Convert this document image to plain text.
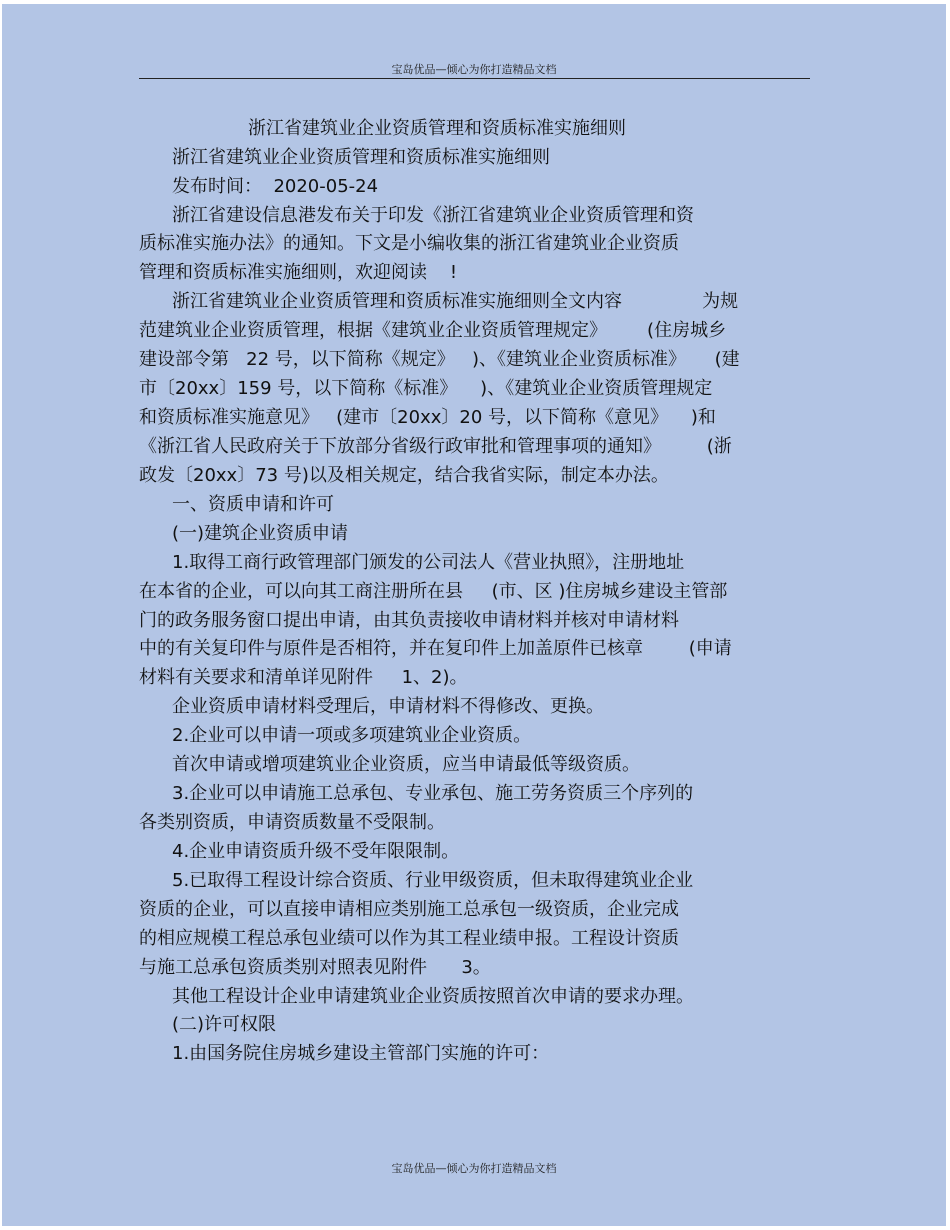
宝岛优品—倾心为你打造精品文档
浙江省建筑业企业资质管理和资质标准实施细则
浙江省建筑业企业资质管理和资质标准实施细则
发布时间：  2020-05-24
浙江省建设信息港发布关于印发《浙江省建筑业企业资质管理和资
质标准实施办法》的通知。下文是小编收集的浙江省建筑业企业资质
管理和资质标准实施细则，欢迎阅读    !
浙江省建筑业企业资质管理和资质标准实施细则全文内容              为规
范建筑业企业资质管理，根据《建筑业企业资质管理规定》       (住房城乡
建设部令第   22 号，以下简称《规定》   )、《建筑业企业资质标准》     (建
市〔20xx〕159 号，以下简称《标准》    )、《建筑业企业资质管理规定
和资质标准实施意见》   (建市〔20xx〕20 号，以下简称《意见》    )和
《浙江省人民政府关于下放部分省级行政审批和管理事项的通知》        (浙
政发〔20xx〕73 号)以及相关规定，结合我省实际，制定本办法。
一、资质申请和许可
(一)建筑企业资质申请
1.取得工商行政管理部门颁发的公司法人《营业执照》，注册地址
在本省的企业，可以向其工商注册所在县     (市、区 )住房城乡建设主管部
门的政务服务窗口提出申请，由其负责接收申请材料并核对申请材料
中的有关复印件与原件是否相符，并在复印件上加盖原件已核章        (申请
材料有关要求和清单详见附件     1、2)。
企业资质申请材料受理后，申请材料不得修改、更换。
2.企业可以申请一项或多项建筑业企业资质。
首次申请或增项建筑业企业资质，应当申请最低等级资质。
3.企业可以申请施工总承包、专业承包、施工劳务资质三个序列的
各类别资质，申请资质数量不受限制。
4.企业申请资质升级不受年限限制。
5.已取得工程设计综合资质、行业甲级资质，但未取得建筑业企业
资质的企业，可以直接申请相应类别施工总承包一级资质，企业完成
的相应规模工程总承包业绩可以作为其工程业绩申报。工程设计资质
与施工总承包资质类别对照表见附件      3。
其他工程设计企业申请建筑业企业资质按照首次申请的要求办理。
(二)许可权限
1.由国务院住房城乡建设主管部门实施的许可：
宝岛优品—倾心为你打造精品文档
